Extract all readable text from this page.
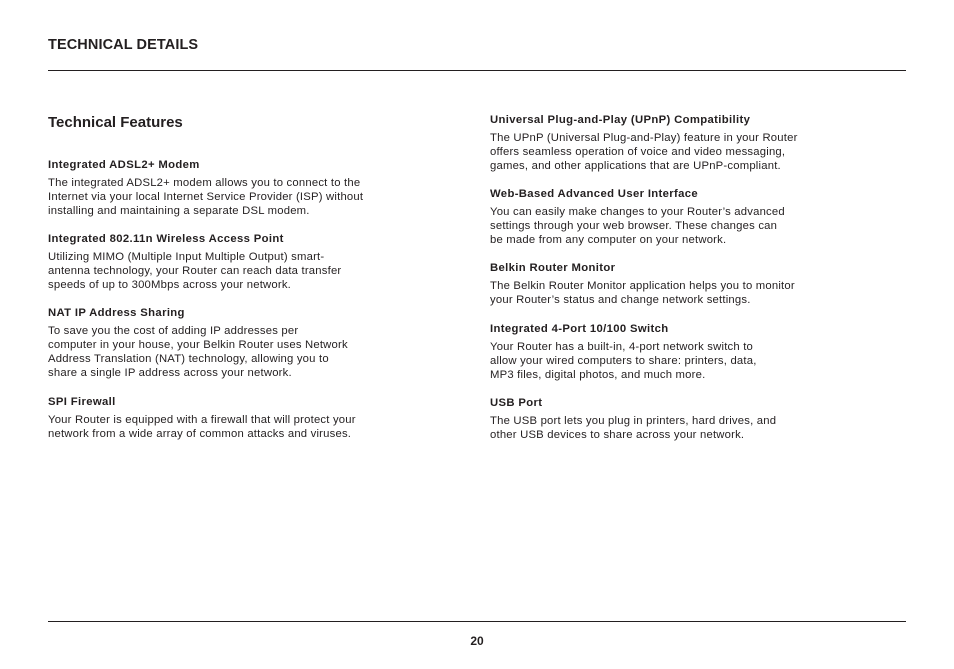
TECHNICAL DETAILS
Technical Features

Integrated ADSL2+ Modem

The integrated ADSL2+ modem allows you to connect to the
Internet via your local Internet Service Provider (ISP) without
installing and maintaining a separate DSL modem.

Integrated 802.11n Wireless Access Point

Utilizing MIMO (Multiple Input Multiple Output) smart-
antenna technology, your Router can reach data transfer
speeds of up to 300Mbps across your network.

NAT IP Address Sharing

To save you the cost of adding IP addresses per
computer in your house, your Belkin Router uses Network
Address Translation (NAT) technology, allowing you to
share a single IP address across your network.

SPI Firewall

Your Router is equipped with a firewall that will protect your
network from a wide array of common attacks and viruses.

Universal Plug-and-Play (UPnP) Compatibility

The UPnP (Universal Plug-and-Play) feature in your Router
offers seamless operation of voice and video messaging,
games, and other applications that are UPnP-compliant.

Web-Based Advanced User Interface

You can easily make changes to your Router’s advanced
settings through your web browser. These changes can
be made from any computer on your network.

Belkin Router Monitor

The Belkin Router Monitor application helps you to monitor
your Router’s status and change network settings.

Integrated 4-Port 10/100 Switch

Your Router has a built-in, 4-port network switch to
allow your wired computers to share: printers, data,
MP3 files, digital photos, and much more.

USB Port

The USB port lets you plug in printers, hard drives, and
other USB devices to share across your network.

20
